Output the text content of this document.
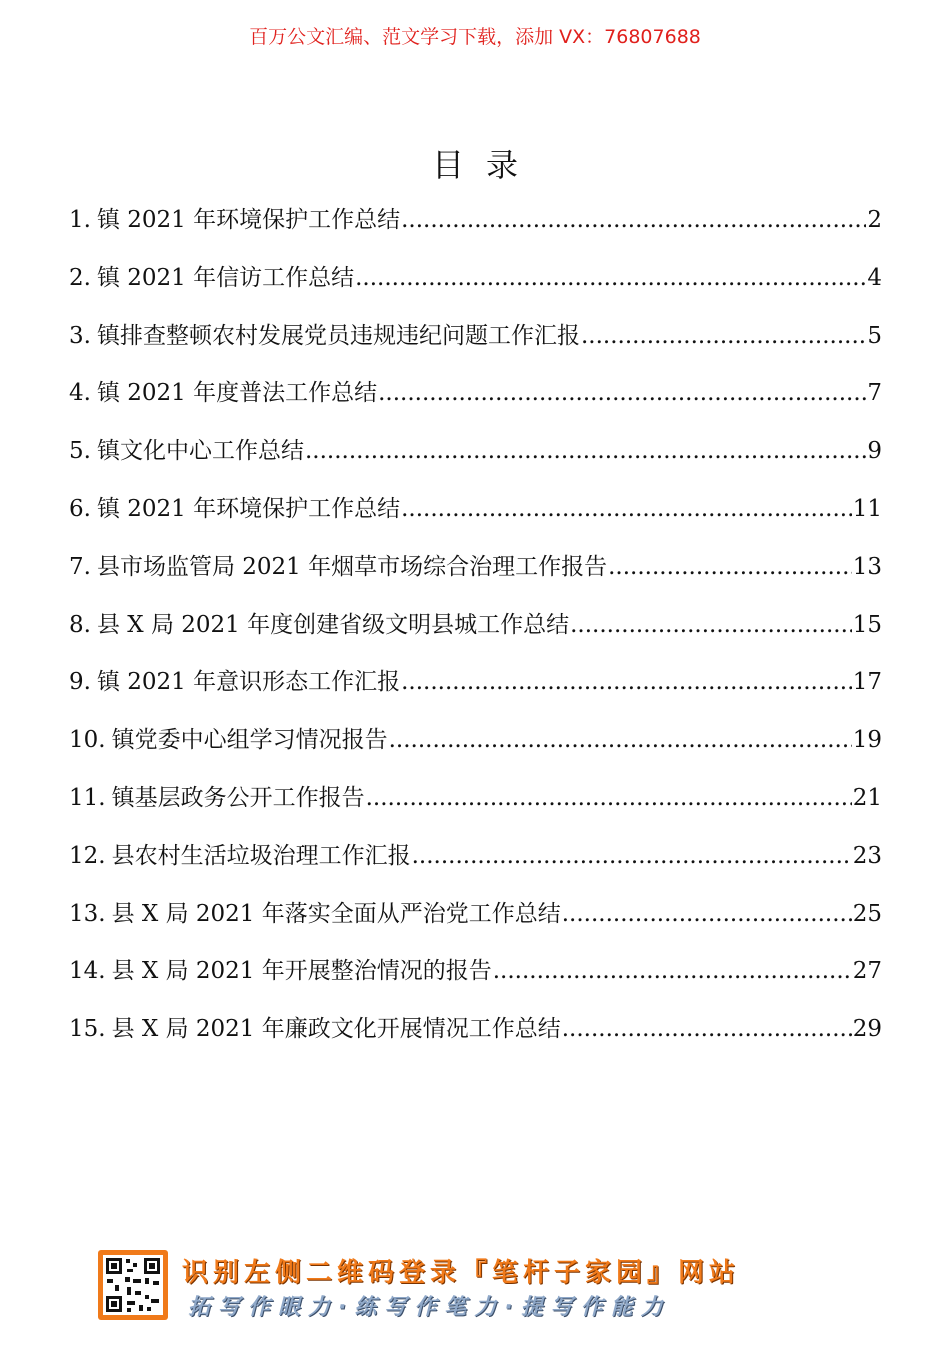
百万公文汇编、范文学习下载，添加 VX：76807688
目录
1. 镇 2021 年环境保护工作总结 .....	2
2. 镇 2021 年信访工作总结 .....	4
3. 镇排查整顿农村发展党员违规违纪问题工作汇报 .....	5
4. 镇 2021 年度普法工作总结 .....	7
5. 镇文化中心工作总结 .....	9
6. 镇 2021 年环境保护工作总结 .....	11
7. 县市场监管局 2021 年烟草市场综合治理工作报告 .....	13
8. 县 X 局 2021 年度创建省级文明县城工作总结 .....	15
9. 镇 2021 年意识形态工作汇报 .....	17
10. 镇党委中心组学习情况报告 .....	19
11. 镇基层政务公开工作报告 .....	21
12. 县农村生活垃圾治理工作汇报 .....	23
13. 县 X 局 2021 年落实全面从严治党工作总结 .....	25
14. 县 X 局 2021 年开展整治情况的报告 .....	27
15. 县 X 局 2021 年廉政文化开展情况工作总结 .....	29
识别左侧二维码登录『笔杆子家园』网站
拓写作眼力·练写作笔力·提写作能力
